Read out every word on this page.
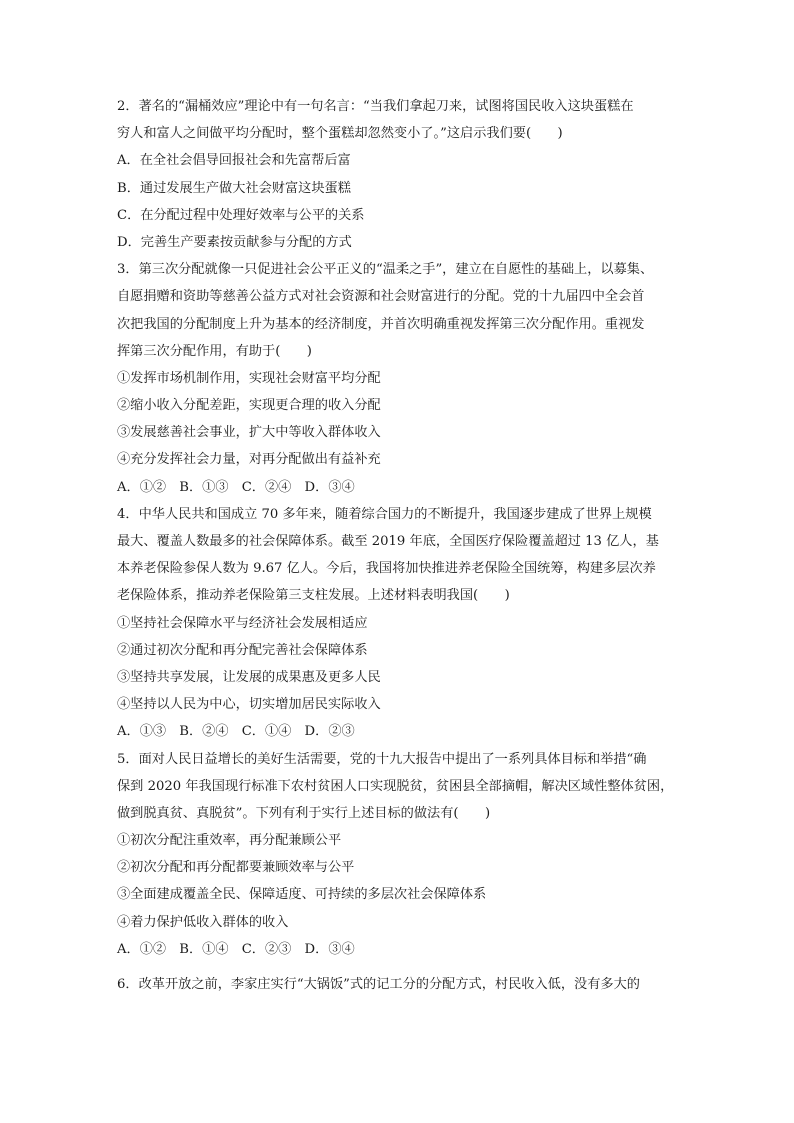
2．著名的“漏桶效应”理论中有一句名言：“当我们拿起刀来，试图将国民收入这块蛋糕在
穷人和富人之间做平均分配时，整个蛋糕却忽然变小了。”这启示我们要(　　)
A．在全社会倡导回报社会和先富帮后富
B．通过发展生产做大社会财富这块蛋糕
C．在分配过程中处理好效率与公平的关系
D．完善生产要素按贡献参与分配的方式
3．第三次分配就像一只促进社会公平正义的“温柔之手”，建立在自愿性的基础上，以募集、
自愿捐赠和资助等慈善公益方式对社会资源和社会财富进行的分配。党的十九届四中全会首
次把我国的分配制度上升为基本的经济制度，并首次明确重视发挥第三次分配作用。重视发
挥第三次分配作用，有助于(　　)
①发挥市场机制作用，实现社会财富平均分配
②缩小收入分配差距，实现更合理的收入分配
③发展慈善社会事业，扩大中等收入群体收入
④充分发挥社会力量，对再分配做出有益补充
A．①②　B．①③　C．②④　D．③④
4．中华人民共和国成立 70 多年来，随着综合国力的不断提升，我国逐步建成了世界上规模
最大、覆盖人数最多的社会保障体系。截至 2019 年底，全国医疗保险覆盖超过 13 亿人，基
本养老保险参保人数为 9.67 亿人。今后，我国将加快推进养老保险全国统筹，构建多层次养
老保险体系，推动养老保险第三支柱发展。上述材料表明我国(　　)
①坚持社会保障水平与经济社会发展相适应
②通过初次分配和再分配完善社会保障体系
③坚持共享发展，让发展的成果惠及更多人民
④坚持以人民为中心，切实增加居民实际收入
A．①③　B．②④　C．①④　D．②③
5．面对人民日益增长的美好生活需要，党的十九大报告中提出了一系列具体目标和举措“确
保到 2020 年我国现行标准下农村贫困人口实现脱贫，贫困县全部摘帽，解决区域性整体贫困，
做到脱真贫、真脱贫”。下列有利于实行上述目标的做法有(　　)
①初次分配注重效率，再分配兼顾公平
②初次分配和再分配都要兼顾效率与公平
③全面建成覆盖全民、保障适度、可持续的多层次社会保障体系
④着力保护低收入群体的收入
A．①②　B．①④　C．②③　D．③④
6．改革开放之前，李家庄实行“大锅饭”式的记工分的分配方式，村民收入低，没有多大的
